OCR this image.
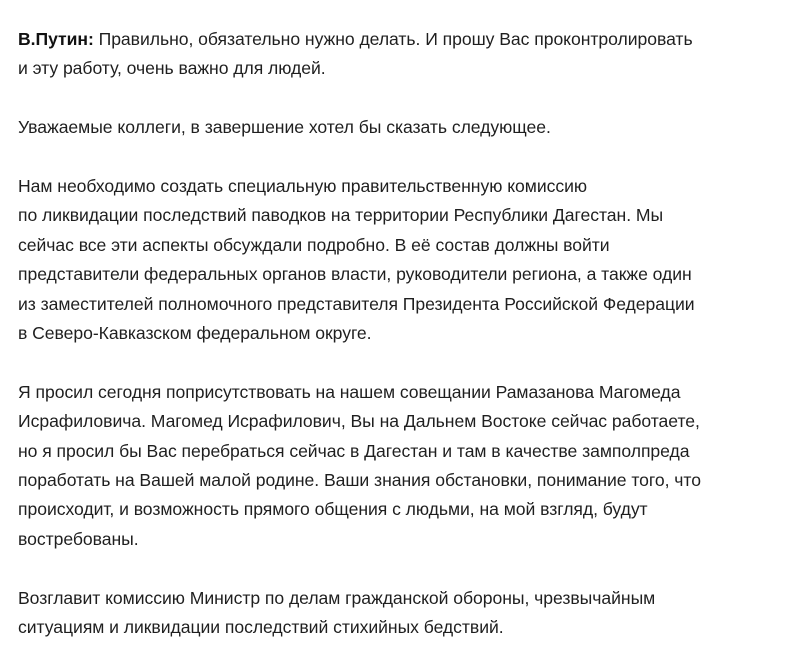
В.Путин: Правильно, обязательно нужно делать. И прошу Вас проконтролировать
и эту работу, очень важно для людей.

Уважаемые коллеги, в завершение хотел бы сказать следующее.

Нам необходимо создать специальную правительственную комиссию
по ликвидации последствий паводков на территории Республики Дагестан. Мы
сейчас все эти аспекты обсуждали подробно. В её состав должны войти
представители федеральных органов власти, руководители региона, а также один
из заместителей полномочного представителя Президента Российской Федерации
в Северо-Кавказском федеральном округе.

Я просил сегодня поприсутствовать на нашем совещании Рамазанова Магомеда
Исрафиловича. Магомед Исрафилович, Вы на Дальнем Востоке сейчас работаете,
но я просил бы Вас перебраться сейчас в Дагестан и там в качестве замполпреда
поработать на Вашей малой родине. Ваши знания обстановки, понимание того, что
происходит, и возможность прямого общения с людьми, на мой взгляд, будут
востребованы.

Возглавит комиссию Министр по делам гражданской обороны, чрезвычайным
ситуациям и ликвидации последствий стихийных бедствий.
